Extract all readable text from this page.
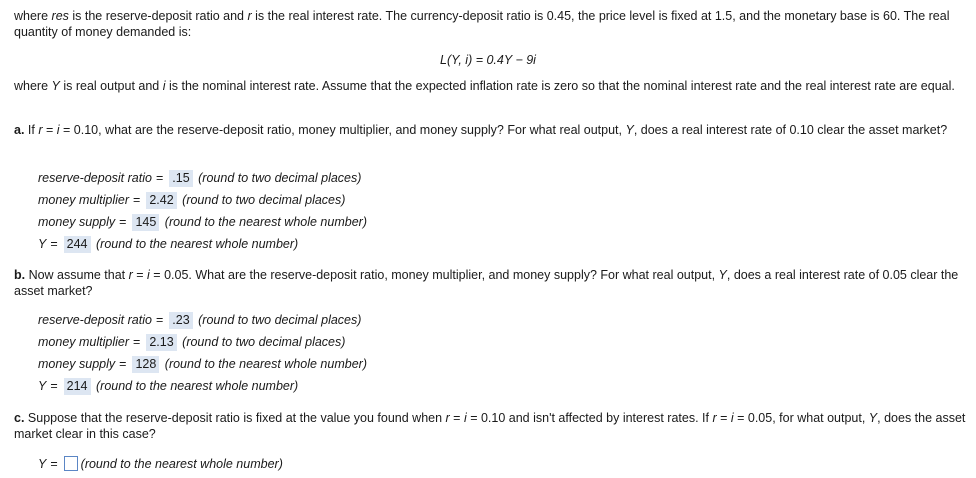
where res is the reserve-deposit ratio and r is the real interest rate. The currency-deposit ratio is 0.45, the price level is fixed at 1.5, and the monetary base is 60. The real quantity of money demanded is:
L(Y, i) = 0.4Y − 9i
where Y is real output and i is the nominal interest rate. Assume that the expected inflation rate is zero so that the nominal interest rate and the real interest rate are equal.
a. If r = i = 0.10, what are the reserve-deposit ratio, money multiplier, and money supply? For what real output, Y, does a real interest rate of 0.10 clear the asset market?
reserve-deposit ratio = .15 (round to two decimal places)
money multiplier = 2.42 (round to two decimal places)
money supply = 145 (round to the nearest whole number)
Y = 244 (round to the nearest whole number)
b. Now assume that r = i = 0.05. What are the reserve-deposit ratio, money multiplier, and money supply? For what real output, Y, does a real interest rate of 0.05 clear the asset market?
reserve-deposit ratio = .23 (round to two decimal places)
money multiplier = 2.13 (round to two decimal places)
money supply = 128 (round to the nearest whole number)
Y = 214 (round to the nearest whole number)
c. Suppose that the reserve-deposit ratio is fixed at the value you found when r = i = 0.10 and isn't affected by interest rates. If r = i = 0.05, for what output, Y, does the asset market clear in this case?
Y = (round to the nearest whole number)
